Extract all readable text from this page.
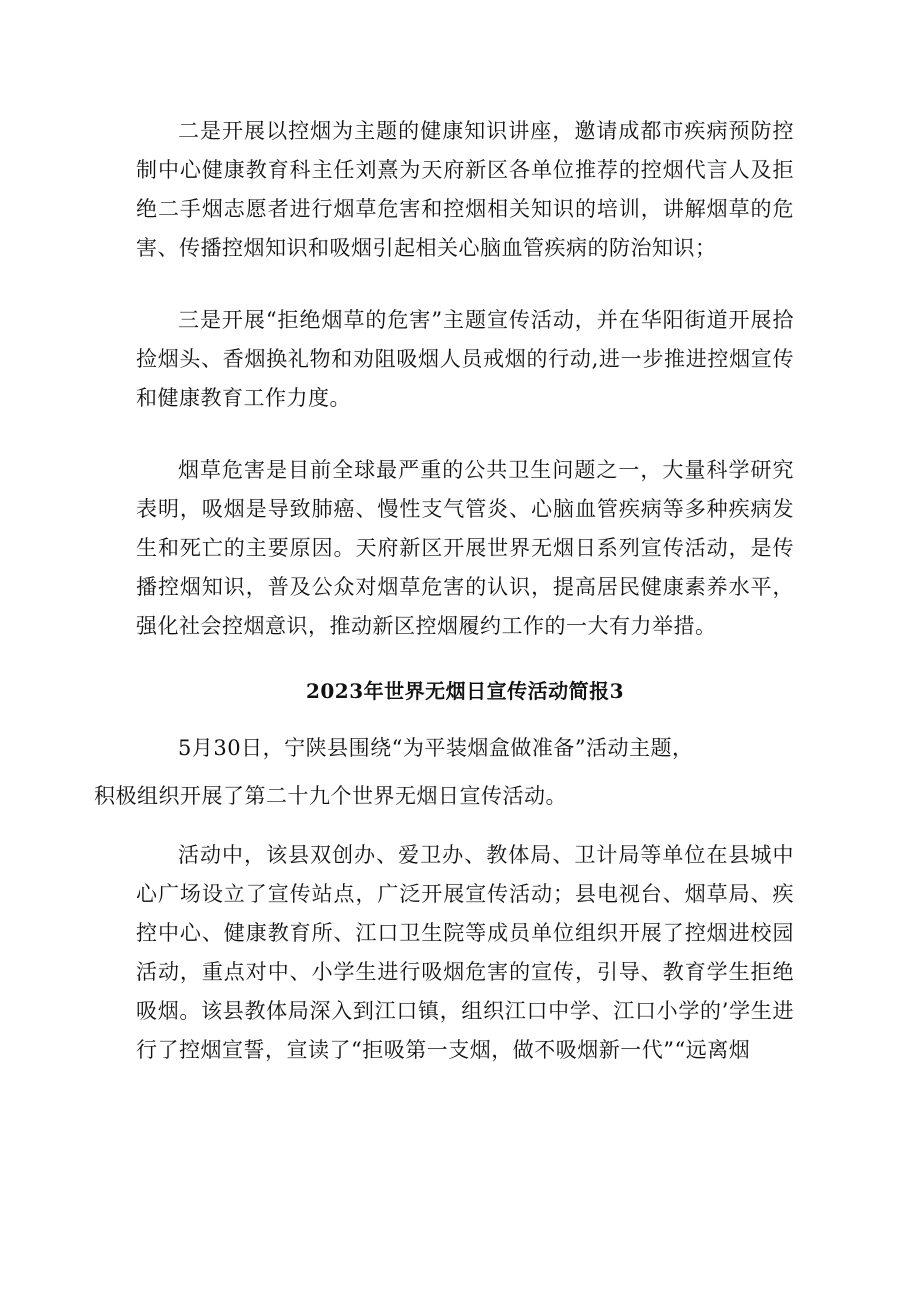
二是开展以控烟为主题的健康知识讲座，邀请成都市疾病预防控制中心健康教育科主任刘熹为天府新区各单位推荐的控烟代言人及拒绝二手烟志愿者进行烟草危害和控烟相关知识的培训，讲解烟草的危害、传播控烟知识和吸烟引起相关心脑血管疾病的防治知识；

三是开展“拒绝烟草的危害”主题宣传活动，并在华阳街道开展拾捡烟头、香烟换礼物和劝阻吸烟人员戒烟的行动,进一步推进控烟宣传和健康教育工作力度。

烟草危害是目前全球最严重的公共卫生问题之一，大量科学研究表明，吸烟是导致肺癌、慢性支气管炎、心脑血管疾病等多种疾病发生和死亡的主要原因。天府新区开展世界无烟日系列宣传活动，是传播控烟知识，普及公众对烟草危害的认识，提高居民健康素养水平，强化社会控烟意识，推动新区控烟履约工作的一大有力举措。

2023年世界无烟日宣传活动简报3

5月30日，宁陕县围绕“为平装烟盒做准备”活动主题，
积极组织开展了第二十九个世界无烟日宣传活动。

活动中，该县双创办、爱卫办、教体局、卫计局等单位在县城中心广场设立了宣传站点，广泛开展宣传活动；县电视台、烟草局、疾控中心、健康教育所、江口卫生院等成员单位组织开展了控烟进校园活动，重点对中、小学生进行吸烟危害的宣传，引导、教育学生拒绝吸烟。该县教体局深入到江口镇，组织江口中学、江口小学的’学生进行了控烟宣誓，宣读了“拒吸第一支烟，做不吸烟新一代”“远离烟
